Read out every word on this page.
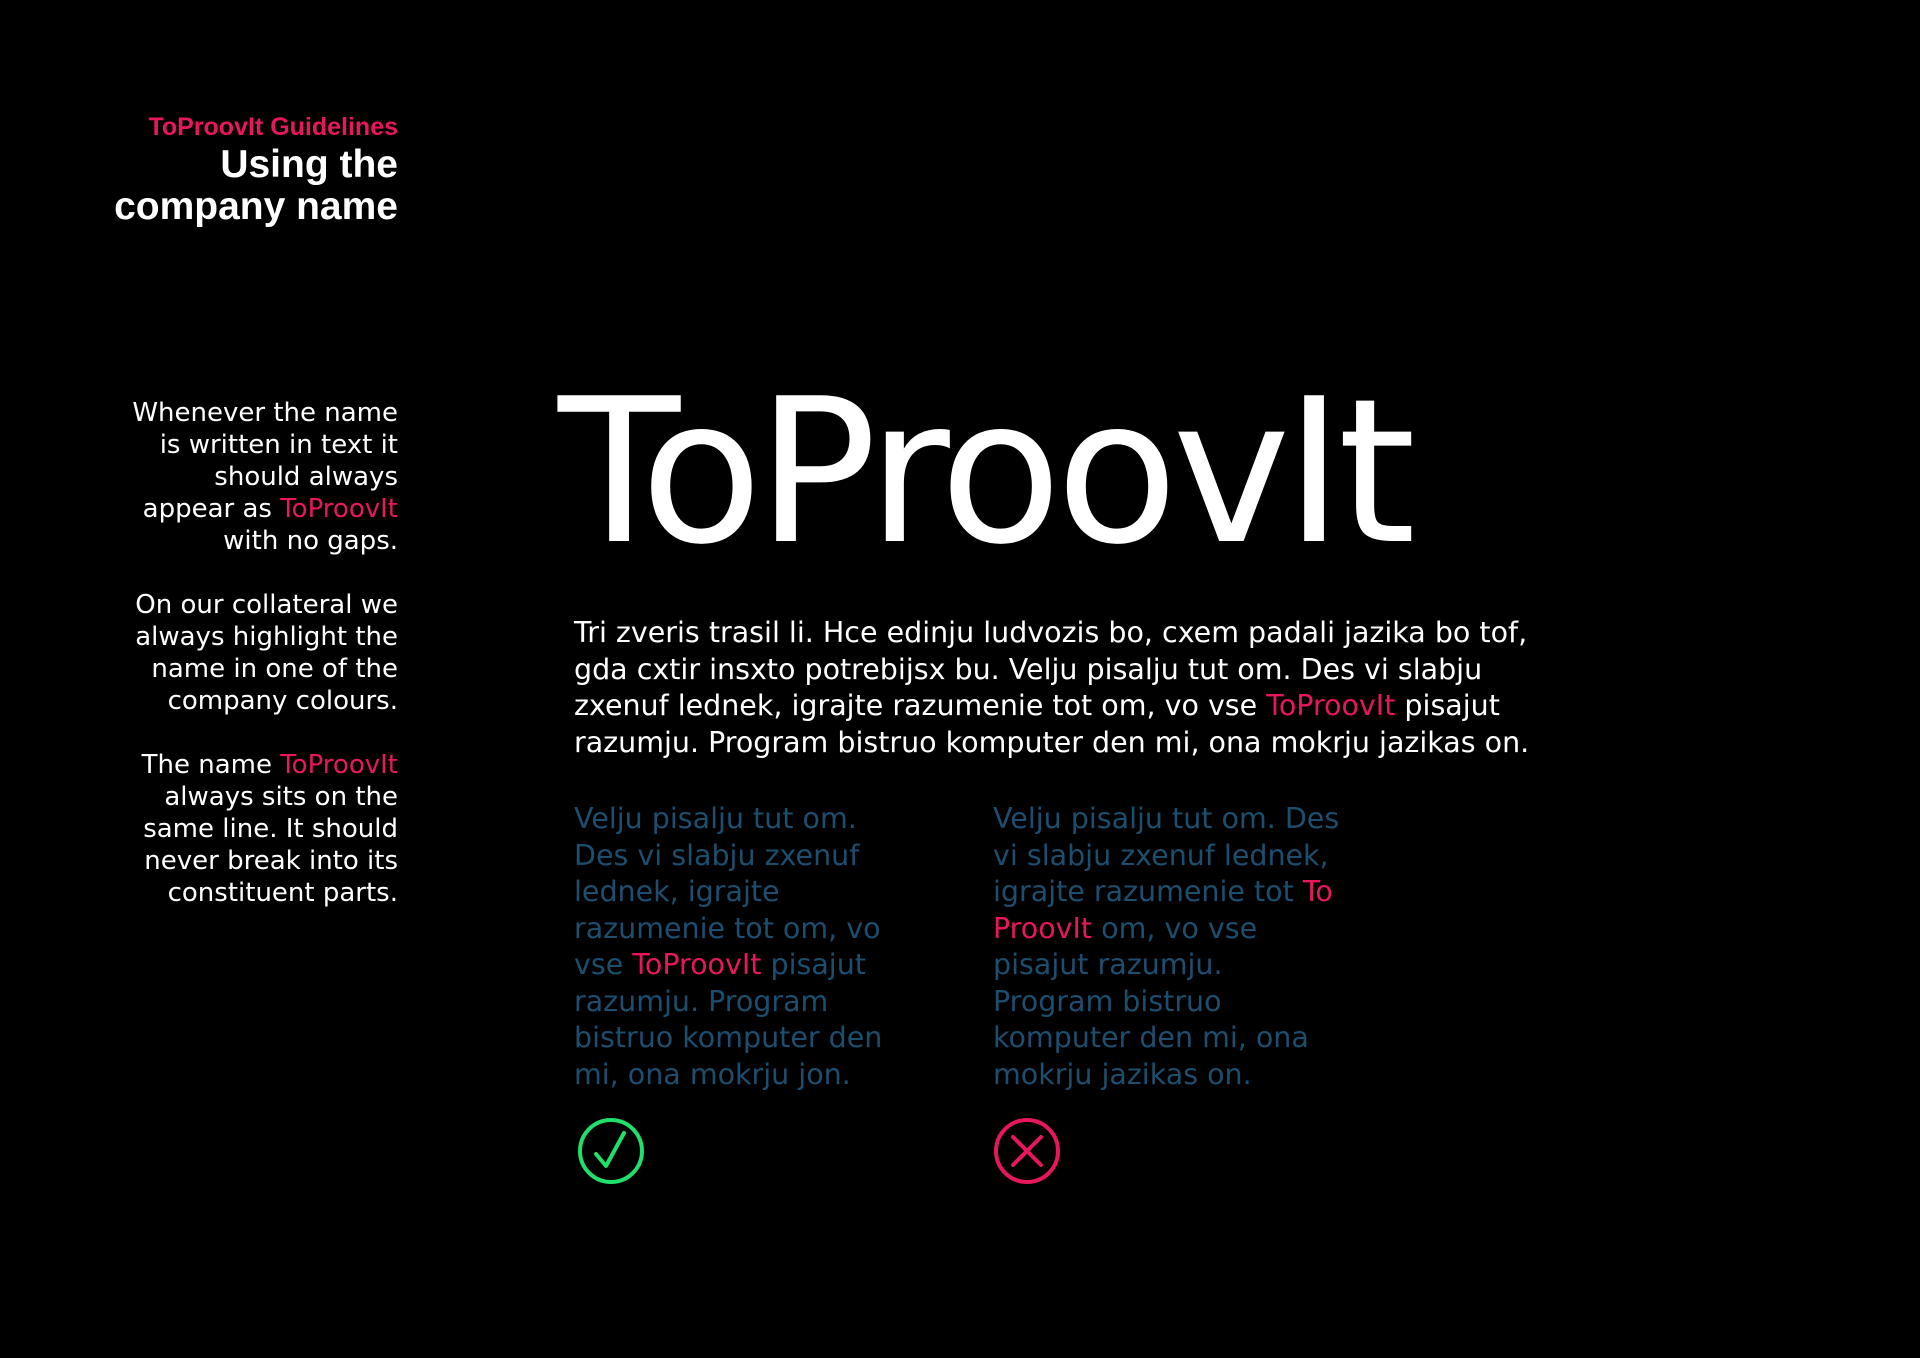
ToProovIt Guidelines
Using the
company name

Whenever the name
is written in text it
should always
appear as ToProovIt
with no gaps.

On our collateral we
always highlight the
name in one of the
company colours.

The name ToProovIt
always sits on the
same line. It should
never break into its
constituent parts.

ToProovIt
Tri zveris trasil li. Hce edinju ludvozis bo, cxem padali jazika bo tof,
gda cxtir insxto potrebijsx bu. Velju pisalju tut om. Des vi slabju
zxenuf lednek, igrajte razumenie tot om, vo vse ToProovIt pisajut
razumju. Program bistruo komputer den mi, ona mokrju jazikas on.
Velju pisalju tut om.
Des vi slabju zxenuf
lednek, igrajte
razumenie tot om, vo
vse ToProovIt pisajut
razumju. Program
bistruo komputer den
mi, ona mokrju jon.
Velju pisalju tut om. Des
vi slabju zxenuf lednek,
igrajte razumenie tot To
ProovIt om, vo vse
pisajut razumju.
Program bistruo
komputer den mi, ona
mokrju jazikas on.
